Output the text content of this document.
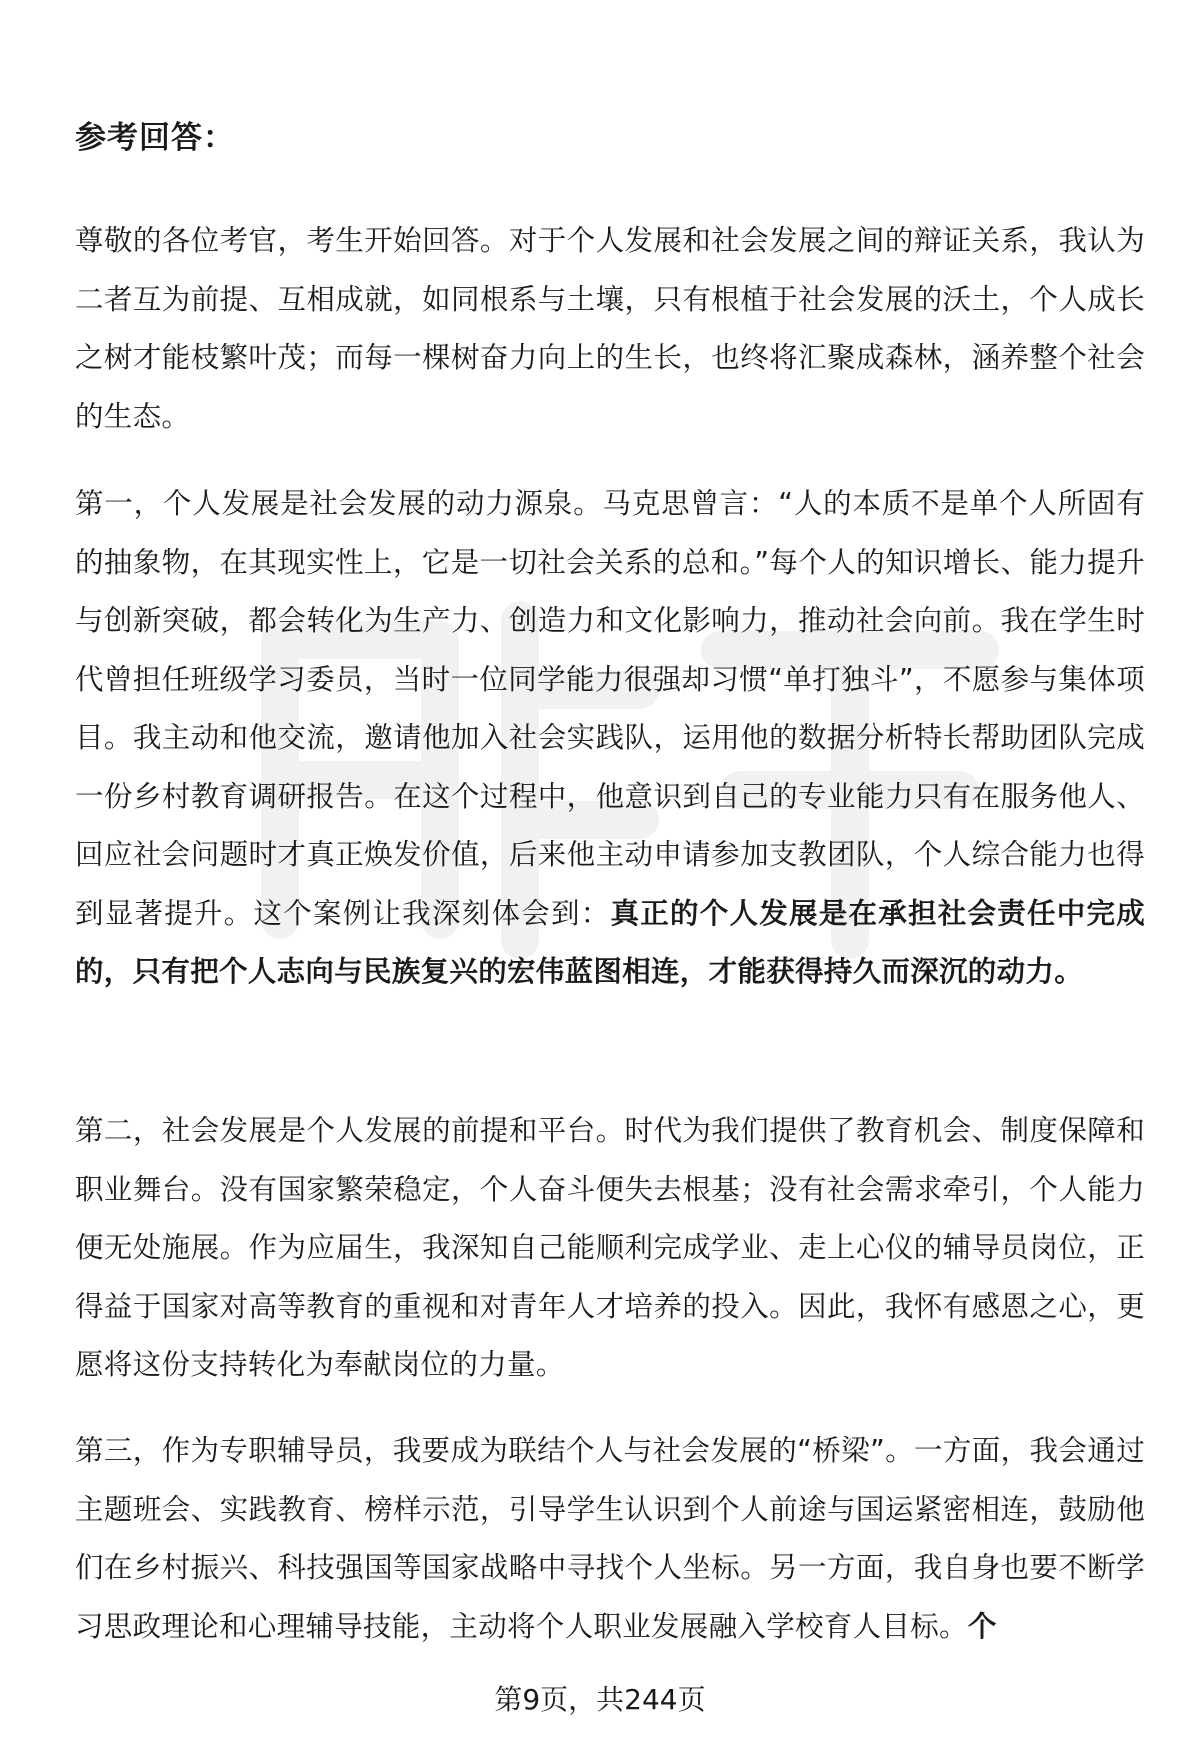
参考回答：

尊敬的各位考官，考生开始回答。对于个人发展和社会发展之间的辩证关系，我认为二者互为前提、互相成就，如同根系与土壤，只有根植于社会发展的沃土，个人成长之树才能枝繁叶茂；而每一棵树奋力向上的生长，也终将汇聚成森林，涵养整个社会的生态。

第一，个人发展是社会发展的动力源泉。马克思曾言：“人的本质不是单个人所固有的抽象物，在其现实性上，它是一切社会关系的总和。”每个人的知识增长、能力提升与创新突破，都会转化为生产力、创造力和文化影响力，推动社会向前。我在学生时代曾担任班级学习委员，当时一位同学能力很强却习惯“单打独斗”，不愿参与集体项目。我主动和他交流，邀请他加入社会实践队，运用他的数据分析特长帮助团队完成一份乡村教育调研报告。在这个过程中，他意识到自己的专业能力只有在服务他人、回应社会问题时才真正焕发价值，后来他主动申请参加支教团队，个人综合能力也得到显著提升。这个案例让我深刻体会到：真正的个人发展是在承担社会责任中完成的，只有把个人志向与民族复兴的宏伟蓝图相连，才能获得持久而深沉的动力。

第二，社会发展是个人发展的前提和平台。时代为我们提供了教育机会、制度保障和职业舞台。没有国家繁荣稳定，个人奋斗便失去根基；没有社会需求牵引，个人能力便无处施展。作为应届生，我深知自己能顺利完成学业、走上心仪的辅导员岗位，正得益于国家对高等教育的重视和对青年人才培养的投入。因此，我怀有感恩之心，更愿将这份支持转化为奉献岗位的力量。

第三，作为专职辅导员，我要成为联结个人与社会发展的“桥梁”。一方面，我会通过主题班会、实践教育、榜样示范，引导学生认识到个人前途与国运紧密相连，鼓励他们在乡村振兴、科技强国等国家战略中寻找个人坐标。另一方面，我自身也要不断学习思政理论和心理辅导技能，主动将个人职业发展融入学校育人目标。个

第9页，共244页
